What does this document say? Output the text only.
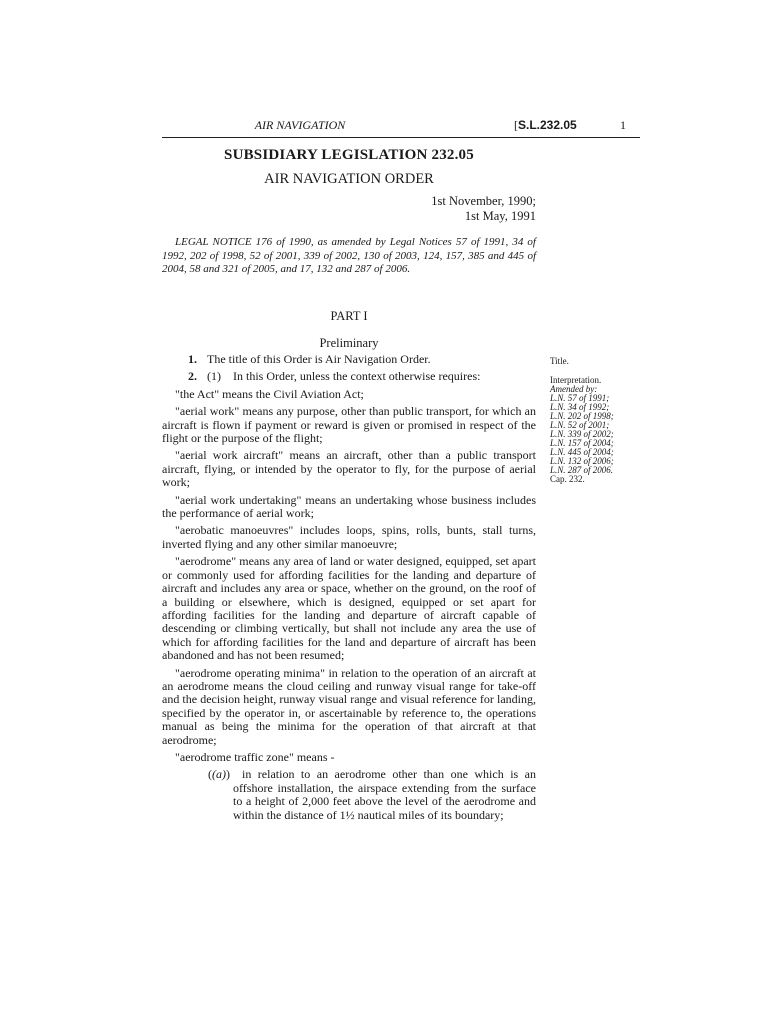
AIR NAVIGATION	[S.L.232.05	1
SUBSIDIARY LEGISLATION 232.05
AIR NAVIGATION ORDER
1st November, 1990;
1st May, 1991
LEGAL NOTICE 176 of 1990, as amended by Legal Notices 57 of 1991, 34 of 1992, 202 of 1998, 52 of 2001, 339 of 2002, 130 of 2003, 124, 157, 385 and 445 of 2004, 58 and 321 of 2005, and 17, 132 and 287 of 2006.
PART I
Preliminary

1. The title of this Order is Air Navigation Order.

2. (1) In this Order, unless the context otherwise requires:

"the Act" means the Civil Aviation Act;

"aerial work" means any purpose, other than public transport, for which an aircraft is flown if payment or reward is given or promised in respect of the flight or the purpose of the flight;

"aerial work aircraft" means an aircraft, other than a public transport aircraft, flying, or intended by the operator to fly, for the purpose of aerial work;

"aerial work undertaking" means an undertaking whose business includes the performance of aerial work;

"aerobatic manoeuvres" includes loops, spins, rolls, bunts, stall turns, inverted flying and any other similar manoeuvre;

"aerodrome" means any area of land or water designed, equipped, set apart or commonly used for affording facilities for the landing and departure of aircraft and includes any area or space, whether on the ground, on the roof of a building or elsewhere, which is designed, equipped or set apart for affording facilities for the landing and departure of aircraft capable of descending or climbing vertically, but shall not include any area the use of which for affording facilities for the land and departure of aircraft has been abandoned and has not been resumed;

"aerodrome operating minima" in relation to the operation of an aircraft at an aerodrome means the cloud ceiling and runway visual range for take-off and the decision height, runway visual range and visual reference for landing, specified by the operator in, or ascertainable by reference to, the operations manual as being the minima for the operation of that aircraft at that aerodrome;

"aerodrome traffic zone" means -

((a)) in relation to an aerodrome other than one which is an offshore installation, the airspace extending from the surface to a height of 2,000 feet above the level of the aerodrome and within the distance of 1½ nautical miles of its boundary;

Title.
Interpretation.
Amended by:
L.N. 57 of 1991;
L.N. 34 of 1992;
L.N. 202 of 1998;
L.N. 52 of 2001;
L.N. 339 of 2002;
L.N. 157 of 2004;
L.N. 445 of 2004;
L.N. 132 of 2006;
L.N. 287 of 2006.
Cap. 232.
